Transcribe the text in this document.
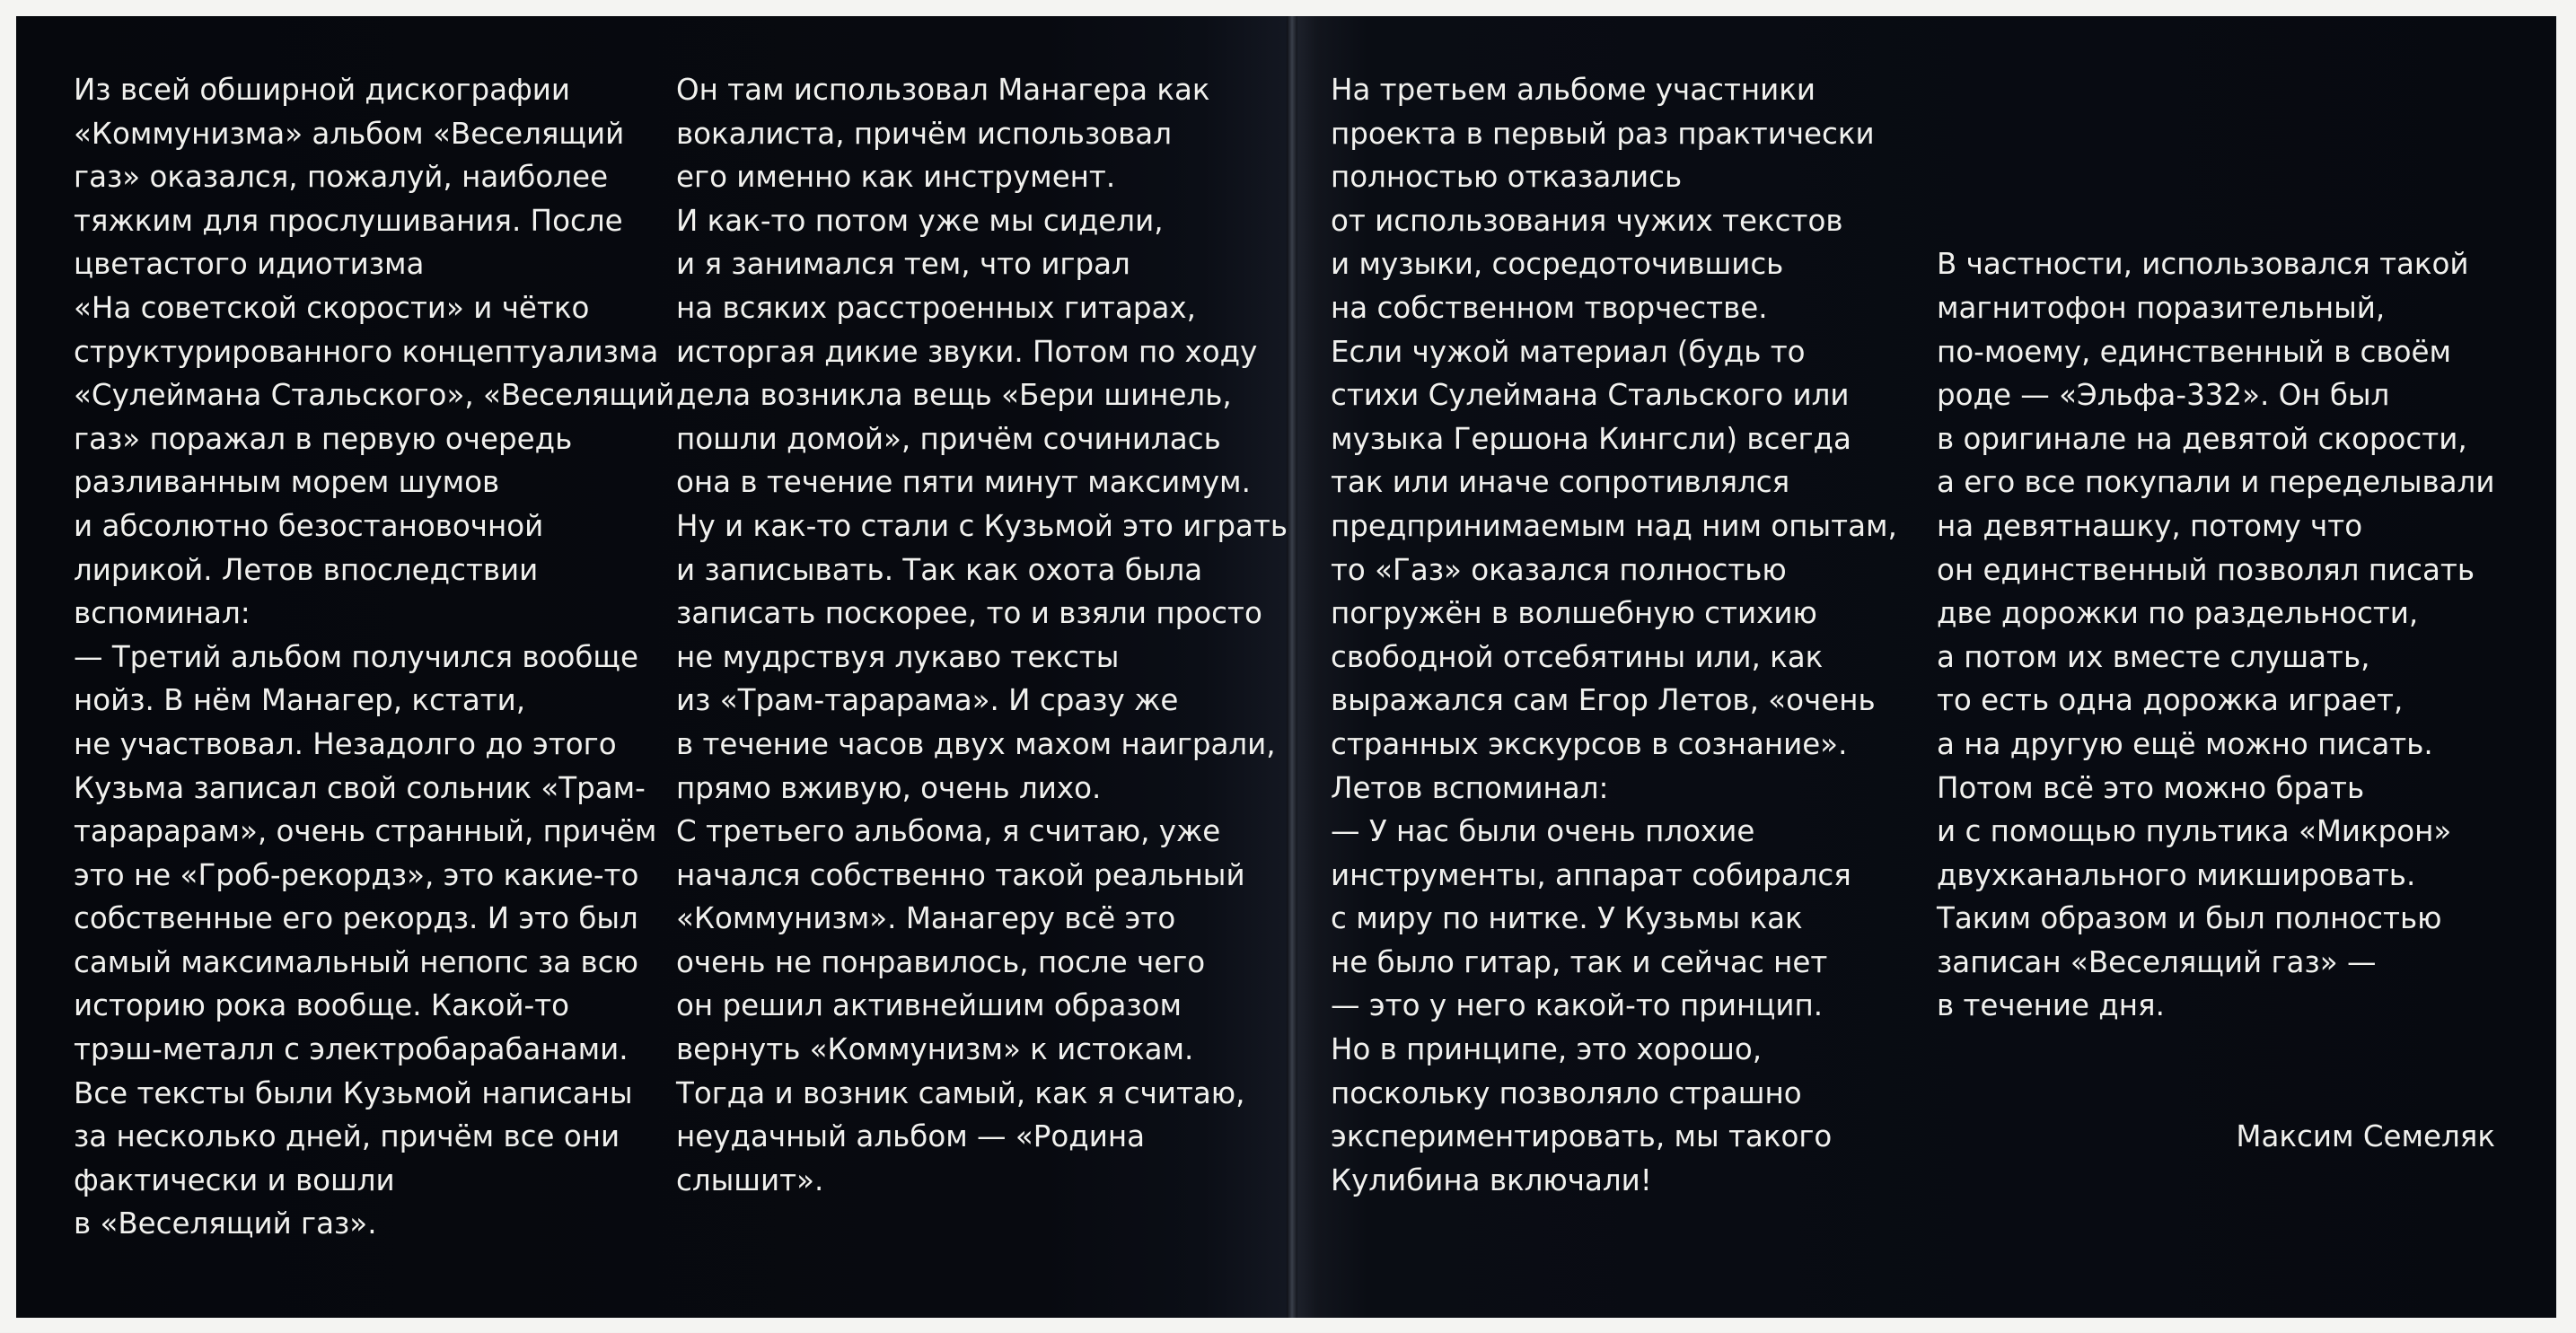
Из всей обширной дискографии
«Коммунизма» альбом «Веселящий
газ» оказался, пожалуй, наиболее
тяжким для прослушивания. После
цветастого идиотизма
«На советской скорости» и чётко
структурированного концептуализма
«Сулеймана Стальского», «Веселящий
газ» поражал в первую очередь
разливанным морем шумов
и абсолютно безостановочной
лирикой. Летов впоследствии
вспоминал:
— Третий альбом получился вообще
нойз. В нём Манагер, кстати,
не участвовал. Незадолго до этого
Кузьма записал свой сольник «Трам-
тарарарам», очень странный, причём
это не «Гроб-рекордз», это какие-то
собственные его рекордз. И это был
самый максимальный непопс за всю
историю рока вообще. Какой-то
трэш-металл с электробарабанами.
Все тексты были Кузьмой написаны
за несколько дней, причём все они
фактически и вошли
в «Веселящий газ».
Он там использовал Манагера как
вокалиста, причём использовал
его именно как инструмент.
И как-то потом уже мы сидели,
и я занимался тем, что играл
на всяких расстроенных гитарах,
исторгая дикие звуки. Потом по ходу
дела возникла вещь «Бери шинель,
пошли домой», причём сочинилась
она в течение пяти минут максимум.
Ну и как-то стали с Кузьмой это играть
и записывать. Так как охота была
записать поскорее, то и взяли просто
не мудрствуя лукаво тексты
из «Трам-тарарама». И сразу же
в течение часов двух махом наиграли,
прямо вживую, очень лихо.
С третьего альбома, я считаю, уже
начался собственно такой реальный
«Коммунизм». Манагеру всё это
очень не понравилось, после чего
он решил активнейшим образом
вернуть «Коммунизм» к истокам.
Тогда и возник самый, как я считаю,
неудачный альбом — «Родина
слышит».
На третьем альбоме участники
проекта в первый раз практически
полностью отказались
от использования чужих текстов
и музыки, сосредоточившись
на собственном творчестве.
Если чужой материал (будь то
стихи Сулеймана Стальского или
музыка Гершона Кингсли) всегда
так или иначе сопротивлялся
предпринимаемым над ним опытам,
то «Газ» оказался полностью
погружён в волшебную стихию
свободной отсебятины или, как
выражался сам Егор Летов, «очень
странных экскурсов в сознание».
Летов вспоминал:
— У нас были очень плохие
инструменты, аппарат собирался
с миру по нитке. У Кузьмы как
не было гитар, так и сейчас нет
— это у него какой-то принцип.
Но в принципе, это хорошо,
поскольку позволяло страшно
экспериментировать, мы такого
Кулибина включали!

В частности, использовался такой
магнитофон поразительный,
по-моему, единственный в своём
роде — «Эльфа-332». Он был
в оригинале на девятой скорости,
а его все покупали и переделывали
на девятнашку, потому что
он единственный позволял писать
две дорожки по раздельности,
а потом их вместе слушать,
то есть одна дорожка играет,
а на другую ещё можно писать.
Потом всё это можно брать
и с помощью пультика «Микрон»
двухканального микшировать.
Таким образом и был полностью
записан «Веселящий газ» —
в течение дня.

Максим Семеляк
